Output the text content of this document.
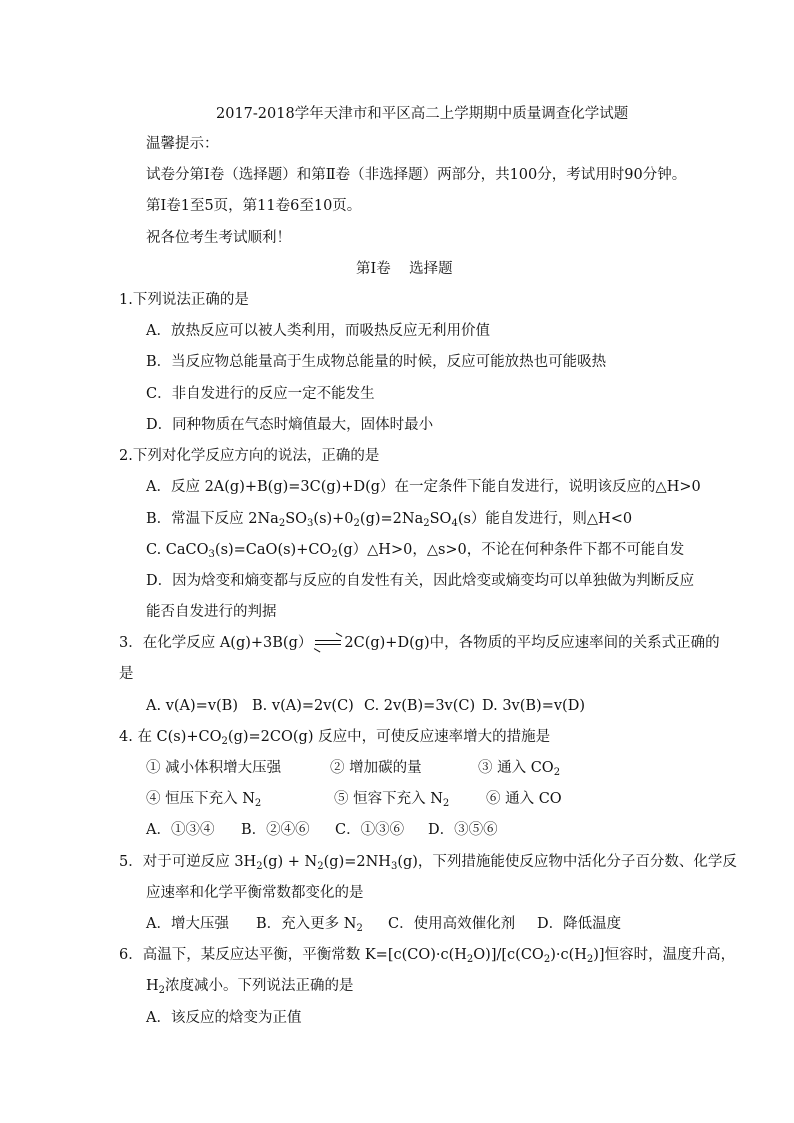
2017-2018学年天津市和平区高二上学期期中质量调查化学试题
温馨提示：
试卷分第Ⅰ卷（选择题）和第Ⅱ卷（非选择题）两部分，共100分，考试用时90分钟。
第Ⅰ卷1至5页，第11卷6至10页。
祝各位考生考试顺利！
第Ⅰ卷    选择题
1.下列说法正确的是
A．放热反应可以被人类利用，而吸热反应无利用价值
B．当反应物总能量高于生成物总能量的时候，反应可能放热也可能吸热
C．非自发进行的反应一定不能发生
D．同种物质在气态时熵值最大，固体时最小
2.下列对化学反应方向的说法，正确的是
A．反应 2A(g)+B(g)=3C(g)+D(g）在一定条件下能自发进行，说明该反应的△H>0
B．常温下反应 $2Na_2SO_3(s)+0_2(g)=2Na_2SO_4(s)$能自发进行，则△H<0
C. $CaCO_3(s)=CaO(s)+CO_2(g)\triangle H>0$，△s>0，不论在何种条件下都不可能自发
D．因为焓变和熵变都与反应的自发性有关，因此焓变或熵变均可以单独做为判断反应
能否自发进行的判据
3．在化学反应 A(g)+3B(g） 2C(g)+D(g)中，各物质的平均反应速率间的关系式正确的
是
A. v(A)=v(B) B. v(A)=2v(C) C. 2v(B)=3v(C) D. 3v(B)=v(D)
4. 在 $C(s)+CO_2(g)=2CO(g)$ 反应中，可使反应速率增大的措施是
① 减小体积增大压强	② 增加碳的量	③ 通入 $CO_2$
④ 恒压下充入 $N_2$	⑤ 恒容下充入 $N_2$	⑥ 通入 CO
A．①③④ B．②④⑥ C．①③⑥ D．③⑤⑥
5．对于可逆反应 $3H_2(g) + N_2(g)=2NH_3(g)$，下列措施能使反应物中活化分子百分数、化学反
应速率和化学平衡常数都变化的是
A．增大压强 B．充入更多 $N_2$ C．使用高效催化剂 D．降低温度
6．高温下，某反应达平衡，平衡常数 $K=[c(CO)\cdot c(H_2O)]/[c(CO_2)\cdot c(H_2)]$恒容时，温度升高，
$H_2$浓度减小。下列说法正确的是
A．该反应的焓变为正值
